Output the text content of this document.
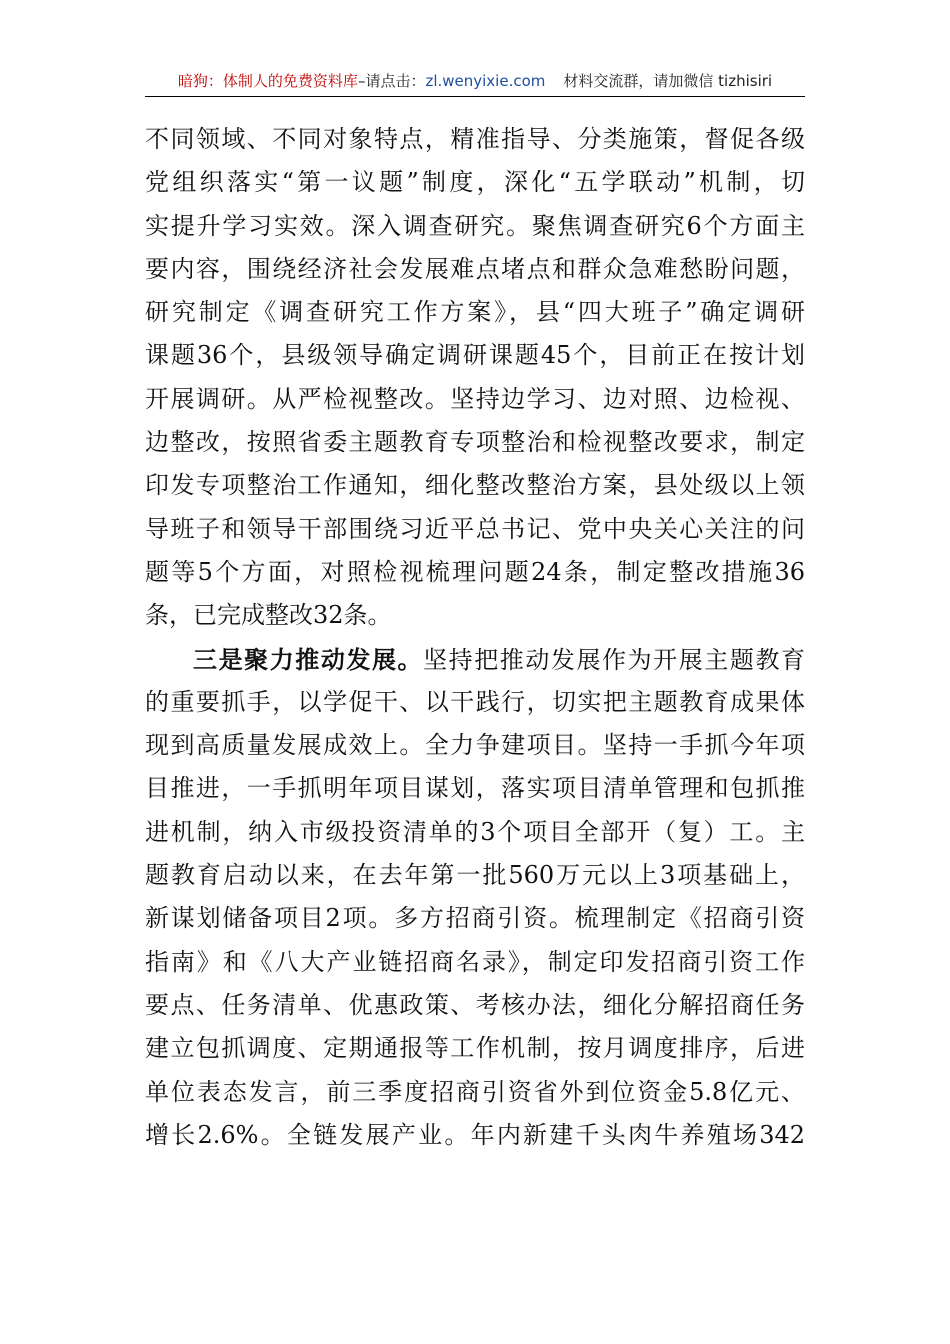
暗狗：体制人的免费资料库–请点击：zl.wenyixie.com 材料交流群，请加微信 tizhisiri
不同领域、不同对象特点，精准指导、分类施策，督促各级
党组织落实“第一议题”制度，深化“五学联动”机制，切
实提升学习实效。深入调查研究。聚焦调查研究6个方面主
要内容，围绕经济社会发展难点堵点和群众急难愁盼问题，
研究制定《调查研究工作方案》，县“四大班子”确定调研
课题36个，县级领导确定调研课题45个，目前正在按计划
开展调研。从严检视整改。坚持边学习、边对照、边检视、
边整改，按照省委主题教育专项整治和检视整改要求，制定
印发专项整治工作通知，细化整改整治方案，县处级以上领
导班子和领导干部围绕习近平总书记、党中央关心关注的问
题等5个方面，对照检视梳理问题24条，制定整改措施36
条，已完成整改32条。
三是聚力推动发展。坚持把推动发展作为开展主题教育
的重要抓手，以学促干、以干践行，切实把主题教育成果体
现到高质量发展成效上。全力争建项目。坚持一手抓今年项
目推进，一手抓明年项目谋划，落实项目清单管理和包抓推
进机制，纳入市级投资清单的3个项目全部开（复）工。主
题教育启动以来，在去年第一批560万元以上3项基础上，
新谋划储备项目2项。多方招商引资。梳理制定《招商引资
指南》和《八大产业链招商名录》，制定印发招商引资工作
要点、任务清单、优惠政策、考核办法，细化分解招商任务
建立包抓调度、定期通报等工作机制，按月调度排序，后进
单位表态发言，前三季度招商引资省外到位资金5.8亿元、
增长2.6%。全链发展产业。年内新建千头肉牛养殖场342
